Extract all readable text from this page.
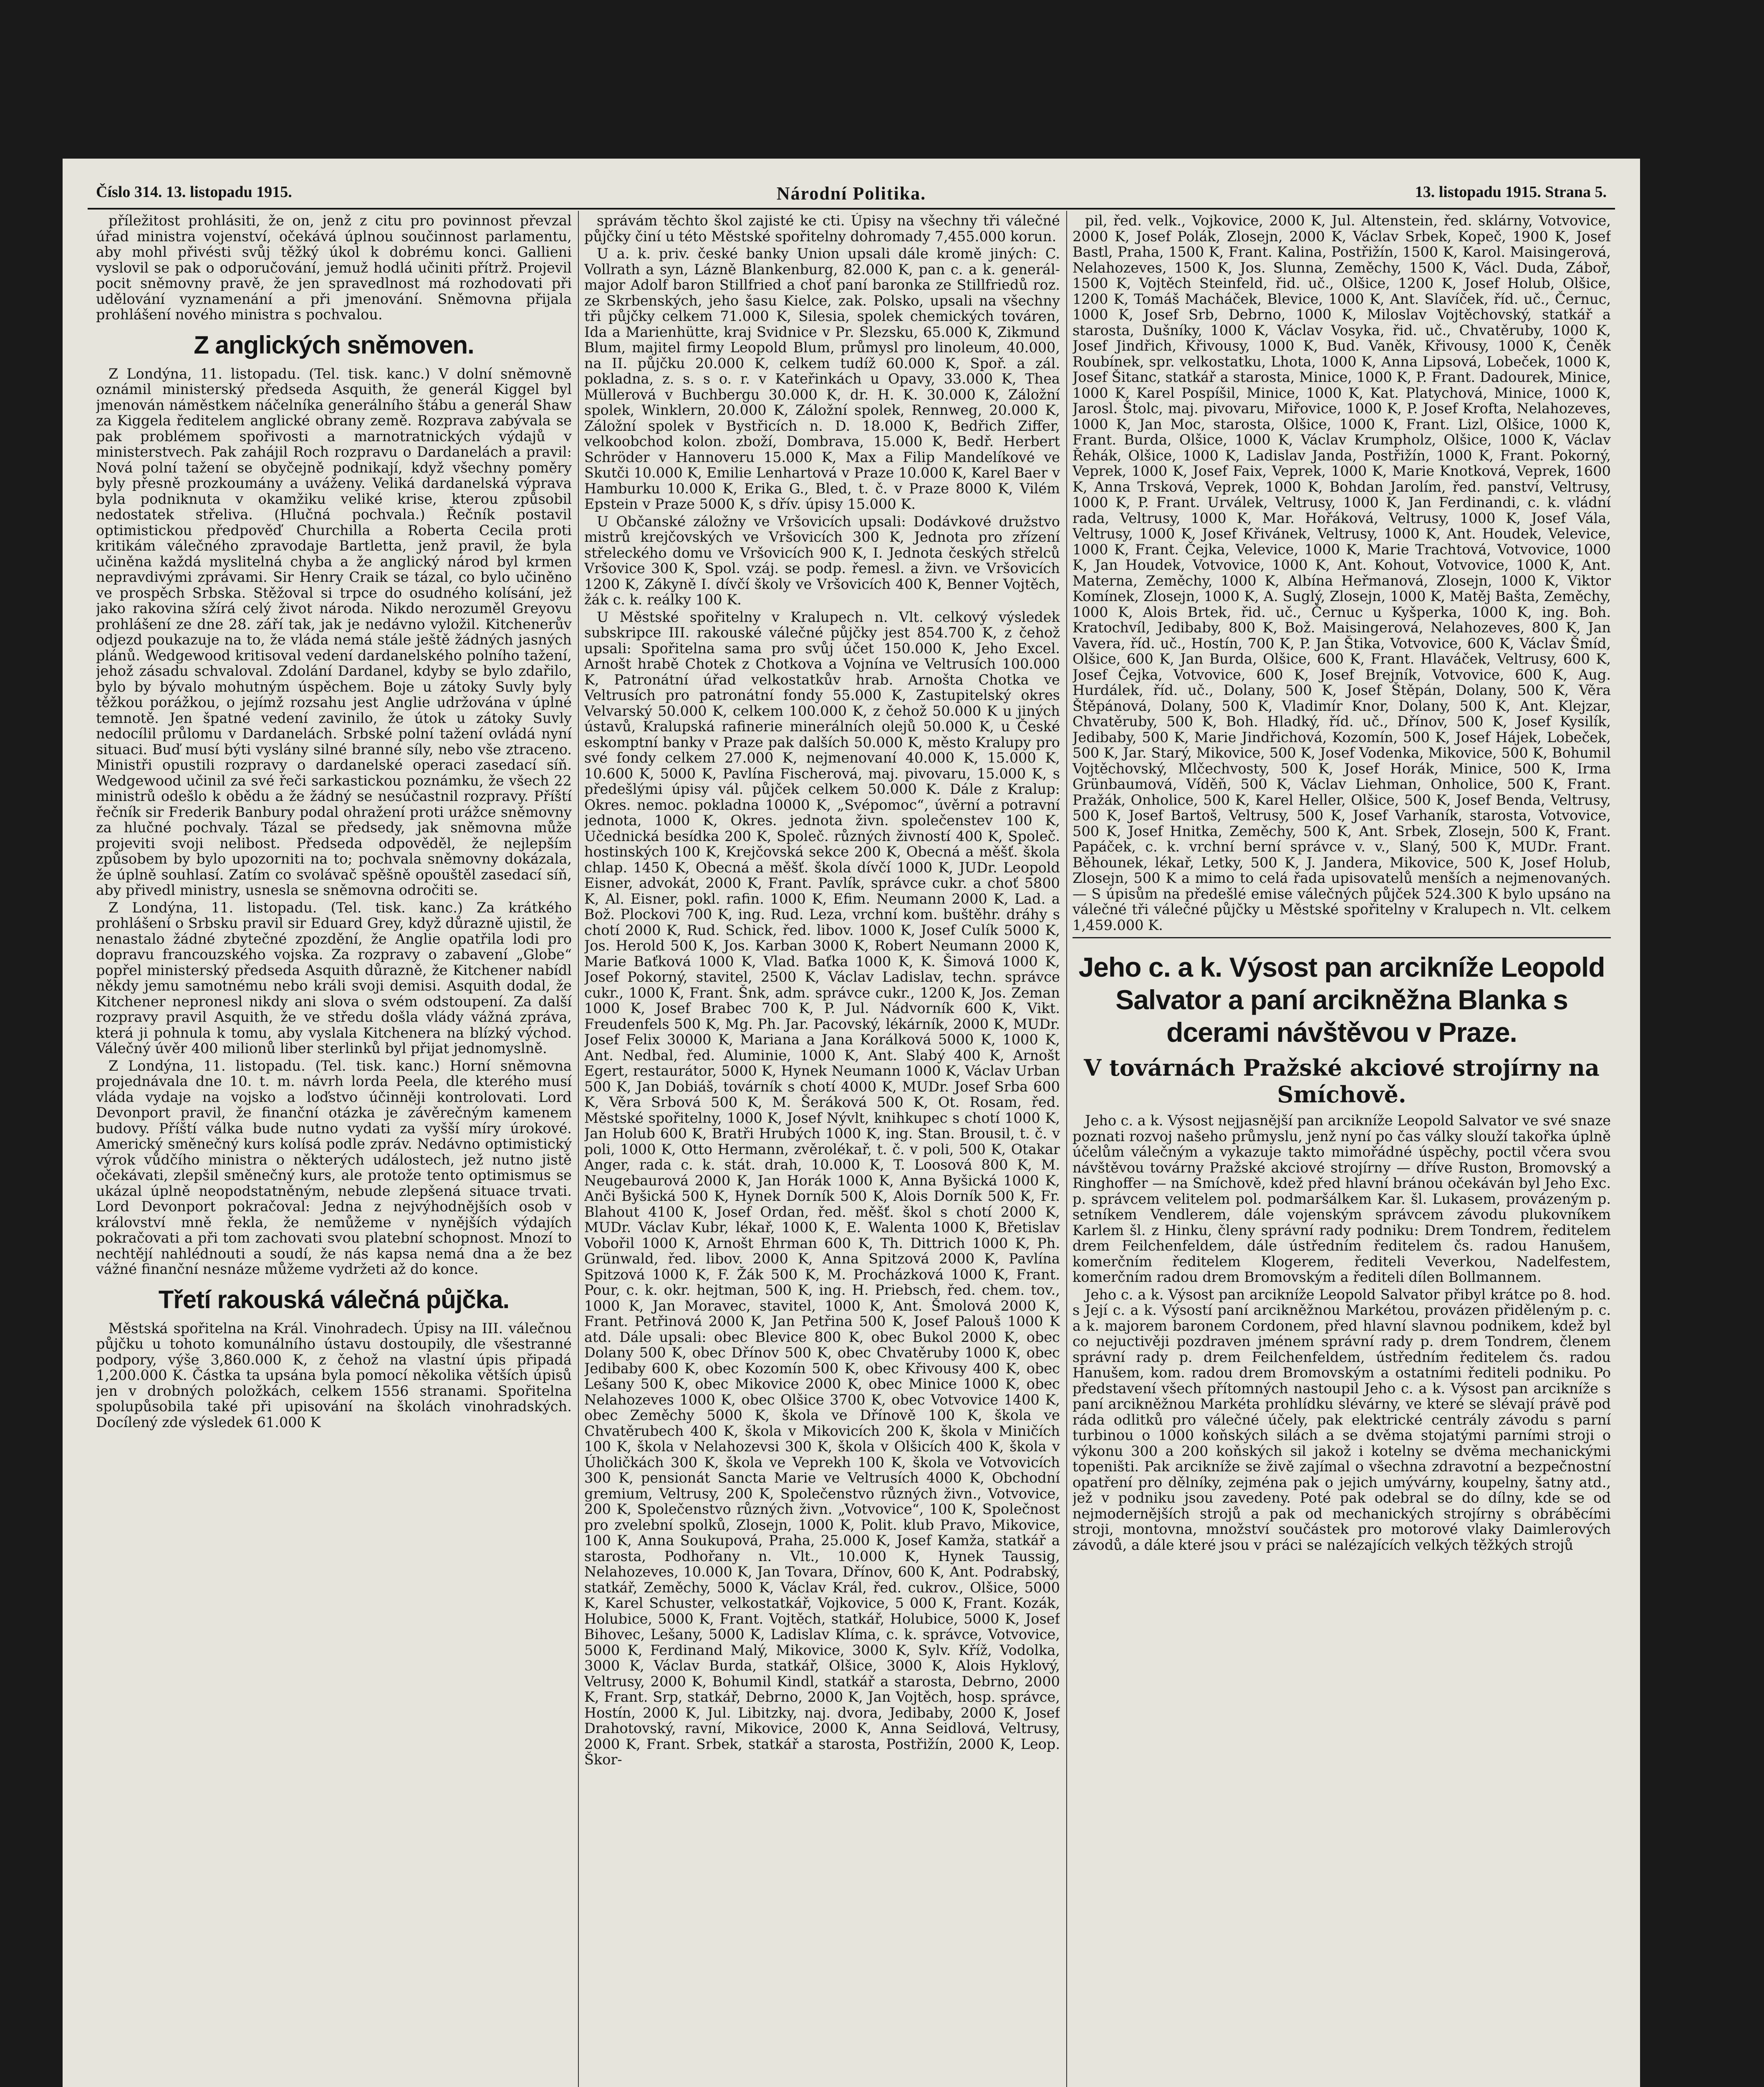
Číslo 314. 13. listopadu 1915.	Národní Politika.	13. listopadu 1915. Strana 5.

příležitost prohlásiti, že on, jenž z citu pro povinnost převzal úřad ministra vojenství, očekává úplnou součinnost parlamentu, aby mohl přivésti svůj těžký úkol k dobrému konci. Gallieni vyslovil se pak o odporučování, jemuž hodlá učiniti přítrž. Projevil pocit sněmovny pravě, že jen spravedlnost má rozhodovati při udělování vyznamenání a při jmenování. Sněmovna přijala prohlášení nového ministra s pochvalou.

Z anglických sněmoven.

Z Londýna, 11. listopadu. (Tel. tisk. kanc.) V dolní sněmovně oznámil ministerský předseda Asquith, že generál Kiggel byl jmenován náměstkem náčelníka generálního štábu a generál Shaw za Kiggela ředitelem anglické obrany země. Rozprava zabývala se pak problémem spořivosti a marnotratnických výdajů v ministerstvech. Pak zahájil Roch rozpravu o Dardanelách a pravil: Nová polní tažení se obyčejně podnikají, když všechny poměry byly přesně prozkoumány a uváženy. Veliká dardanelská výprava byla podniknuta v okamžiku veliké krise, kterou způsobil nedostatek střeliva. (Hlučná pochvala.) Řečník postavil optimistickou předpověď Churchilla a Roberta Cecila proti kritikám válečného zpravodaje Bartletta, jenž pravil, že byla učiněna každá myslitelná chyba a že anglický národ byl krmen nepravdivými zprávami. Sir Henry Craik se tázal, co bylo učiněno ve prospěch Srbska. Stěžoval si trpce do osudného kolísání, jež jako rakovina sžírá celý život národa. Nikdo nerozuměl Greyovu prohlášení ze dne 28. září tak, jak je nedávno vyložil. Kitchenerův odjezd poukazuje na to, že vláda nemá stále ještě žádných jasných plánů. Wedgewood kritisoval vedení dardanelského polního tažení, jehož zásadu schvaloval. Zdolání Dardanel, kdyby se bylo zdařilo, bylo by bývalo mohutným úspěchem. Boje u zátoky Suvly byly těžkou porážkou, o jejímž rozsahu jest Anglie udržována v úplné temnotě. Jen špatné vedení zavinilo, že útok u zátoky Suvly nedocílil průlomu v Dardanelách. Srbské polní tažení ovládá nyní situaci. Buď musí býti vyslány silné branné síly, nebo vše ztraceno. Ministři opustili rozpravy o dardanelské operaci zasedací síň. Wedgewood učinil za své řeči sarkastickou poznámku, že všech 22 ministrů odešlo k obědu a že žádný se nesúčastnil rozpravy. Příští řečník sir Frederik Banbury podal ohražení proti urážce sněmovny za hlučné pochvaly. Tázal se předsedy, jak sněmovna může projeviti svoji nelibost. Předseda odpověděl, že nejlepším způsobem by bylo upozorniti na to; pochvala sněmovny dokázala, že úplně souhlasí. Zatím co svolávač spěšně opouštěl zasedací síň, aby přivedl ministry, usnesla se sněmovna odročiti se.

Z Londýna, 11. listopadu. (Tel. tisk. kanc.) Za krátkého prohlášení o Srbsku pravil sir Eduard Grey, když důrazně ujistil, že nenastalo žádné zbytečné zpozdění, že Anglie opatřila lodi pro dopravu francouzského vojska. Za rozpravy o zabavení „Globe“ popřel ministerský předseda Asquith důrazně, že Kitchener nabídl někdy jemu samotnému nebo králi svoji demisi. Asquith dodal, že Kitchener nepronesl nikdy ani slova o svém odstoupení. Za další rozpravy pravil Asquith, že ve středu došla vlády vážná zpráva, která ji pohnula k tomu, aby vyslala Kitchenera na blízký východ. Válečný úvěr 400 milionů liber sterlinků byl přijat jednomyslně.

Z Londýna, 11. listopadu. (Tel. tisk. kanc.) Horní sněmovna projednávala dne 10. t. m. návrh lorda Peela, dle kterého musí vláda vydaje na vojsko a loďstvo účinněji kontrolovati. Lord Devonport pravil, že finanční otázka je závěrečným kamenem budovy. Příští válka bude nutno vydati za vyšší míry úrokové. Americký směnečný kurs kolísá podle zpráv. Nedávno optimistický výrok vůdčího ministra o některých událostech, jež nutno jistě očekávati, zlepšil směnečný kurs, ale protože tento optimismus se ukázal úplně neopodstatněným, nebude zlepšená situace trvati. Lord Devonport pokračoval: Jedna z nejvýhodnějších osob v království mně řekla, že nemůžeme v nynějších výdajích pokračovati a při tom zachovati svou platební schopnost. Mnozí to nechtějí nahlédnouti a soudí, že nás kapsa nemá dna a že bez vážné finanční nesnáze můžeme vydržeti až do konce.

Třetí rakouská válečná půjčka.

Městská spořitelna na Král. Vinohradech. Úpisy na III. válečnou půjčku u tohoto komunálního ústavu dostoupily, dle všestranné podpory, výše 3,860.000 K, z čehož na vlastní úpis připadá 1,200.000 K. Částka ta upsána byla pomocí několika větších úpisů jen v drobných položkách, celkem 1556 stranami. Spořitelna spolupůsobila také při upisování na školách vinohradských. Docílený zde výsledek 61.000 K

správám těchto škol zajisté ke cti. Úpisy na všechny tři válečné půjčky činí u této Městské spořitelny dohromady 7,455.000 korun.

U a. k. priv. české banky Union upsali dále kromě jiných: C. Vollrath a syn, Lázně Blankenburg, 82.000 K, pan c. a k. generál-major Adolf baron Stillfried a choť paní baronka ze Stillfriedů roz. ze Skrbenských, jeho šasu Kielce, zak. Polsko, upsali na všechny tři půjčky celkem 71.000 K, Silesia, spolek chemických továren, Ida a Marienhütte, kraj Svidnice v Pr. Slezsku, 65.000 K, Zikmund Blum, majitel firmy Leopold Blum, průmysl pro linoleum, 40.000, na II. půjčku 20.000 K, celkem tudíž 60.000 K, Spoř. a zál. pokladna, z. s. s o. r. v Kateřinkách u Opavy, 33.000 K, Thea Müllerová v Buchbergu 30.000 K, dr. H. K. 30.000 K, Záložní spolek, Winklern, 20.000 K, Záložní spolek, Rennweg, 20.000 K, Záložní spolek v Bystřicích n. D. 18.000 K, Bedřich Ziffer, velkoobchod kolon. zboží, Dombrava, 15.000 K, Bedř. Herbert Schröder v Hannoveru 15.000 K, Max a Filip Mandelíkové ve Skutči 10.000 K, Emilie Lenhartová v Praze 10.000 K, Karel Baer v Hamburku 10.000 K, Erika G., Bled, t. č. v Praze 8000 K, Vilém Epstein v Praze 5000 K, s dřív. úpisy 15.000 K.

U Občanské záložny ve Vršovicích upsali: Dodávkové družstvo mistrů krejčovských ve Vršovicích 300 K, Jednota pro zřízení střeleckého domu ve Vršovicích 900 K, I. Jednota českých střelců Vršovice 300 K, Spol. vzáj. se podp. řemesl. a živn. ve Vršovicích 1200 K, Zákyně I. dívčí školy ve Vršovicích 400 K, Benner Vojtěch, žák c. k. reálky 100 K.

U Městské spořitelny v Kralupech n. Vlt. celkový výsledek subskripce III. rakouské válečné půjčky jest 854.700 K, z čehož upsali: Spořitelna sama pro svůj účet 150.000 K, Jeho Excel. Arnošt hrabě Chotek z Chotkova a Vojnína ve Veltrusích 100.000 K, Patronátní úřad velkostatkův hrab. Arnošta Chotka ve Veltrusích pro patronátní fondy 55.000 K, Zastupitelský okres Velvarský 50.000 K, celkem 100.000 K, z čehož 50.000 K u jiných ústavů, Kralupská rafinerie minerálních olejů 50.000 K, u České eskomptní banky v Praze pak dalších 50.000 K, město Kralupy pro své fondy celkem 27.000 K, nejmenovaní 40.000 K, 15.000 K, 10.600 K, 5000 K, Pavlína Fischerová, maj. pivovaru, 15.000 K, s předešlými úpisy vál. půjček celkem 50.000 K. Dále z Kralup: Okres. nemoc. pokladna 10000 K, „Svépomoc“, úvěrní a potravní jednota, 1000 K, Okres. jednota živn. společenstev 100 K, Učednická besídka 200 K, Společ. různých živností 400 K, Společ. hostinských 100 K, Krejčovská sekce 200 K, Obecná a měšť. škola chlap. 1450 K, Obecná a měšť. škola dívčí 1000 K, JUDr. Leopold Eisner, advokát, 2000 K, Frant. Pavlík, správce cukr. a choť 5800 K, Al. Eisner, pokl. rafin. 1000 K, Efim. Neumann 2000 K, Lad. a Bož. Plockovi 700 K, ing. Rud. Leza, vrchní kom. buštěhr. dráhy s chotí 2000 K, Rud. Schick, řed. libov. 1000 K, Josef Culík 5000 K, Jos. Herold 500 K, Jos. Karban 3000 K, Robert Neumann 2000 K, Marie Baťková 1000 K, Vlad. Baťka 1000 K, K. Šimová 1000 K, Josef Pokorný, stavitel, 2500 K, Václav Ladislav, techn. správce cukr., 1000 K, Frant. Šnk, adm. správce cukr., 1200 K, Jos. Zeman 1000 K, Josef Brabec 700 K, P. Jul. Nádvorník 600 K, Vikt. Freudenfels 500 K, Mg. Ph. Jar. Pacovský, lékárník, 2000 K, MUDr. Josef Felix 30000 K, Mariana a Jana Korálková 5000 K, 1000 K, Ant. Nedbal, řed. Aluminie, 1000 K, Ant. Slabý 400 K, Arnošt Egert, restaurátor, 5000 K, Hynek Neumann 1000 K, Václav Urban 500 K, Jan Dobiáš, továrník s chotí 4000 K, MUDr. Josef Srba 600 K, Věra Srbová 500 K, M. Šeráková 500 K, Ot. Rosam, řed. Městské spořitelny, 1000 K, Josef Nývlt, knihkupec s chotí 1000 K, Jan Holub 600 K, Bratři Hrubých 1000 K, ing. Stan. Brousil, t. č. v poli, 1000 K, Otto Hermann, zvěrolékař, t. č. v poli, 500 K, Otakar Anger, rada c. k. stát. drah, 10.000 K, T. Loosová 800 K, M. Neugebaurová 2000 K, Jan Horák 1000 K, Anna Byšická 1000 K, Anči Byšická 500 K, Hynek Dorník 500 K, Alois Dorník 500 K, Fr. Blahout 4100 K, Josef Ordan, řed. měšť. škol s chotí 2000 K, MUDr. Václav Kubr, lékař, 1000 K, E. Walenta 1000 K, Břetislav Vobořil 1000 K, Arnošt Ehrman 600 K, Th. Dittrich 1000 K, Ph. Grünwald, řed. libov. 2000 K, Anna Spitzová 2000 K, Pavlína Spitzová 1000 K, F. Žák 500 K, M. Procházková 1000 K, Frant. Pour, c. k. okr. hejtman, 500 K, ing. H. Priebsch, řed. chem. tov., 1000 K, Jan Moravec, stavitel, 1000 K, Ant. Šmolová 2000 K, Frant. Petřinová 2000 K, Jan Petřina 500 K, Josef Palouš 1000 K atd. Dále upsali: obec Blevice 800 K, obec Bukol 2000 K, obec Dolany 500 K, obec Dřínov 500 K, obec Chvatěruby 1000 K, obec Jedibaby 600 K, obec Kozomín 500 K, obec Křivousy 400 K, obec Lešany 500 K, obec Mikovice 2000 K, obec Minice 1000 K, obec Nelahozeves 1000 K, obec Olšice 3700 K, obec Votvovice 1400 K, obec Zeměchy 5000 K, škola ve Dřínově 100 K, škola ve Chvatěrubech 400 K, škola v Mikovicích 200 K, škola v Miničích 100 K, škola v Nelahozevsi 300 K, škola v Olšicích 400 K, škola v Úholičkách 300 K, škola ve Veprekh 100 K, škola ve Votvovicích 300 K, pensionát Sancta Marie ve Veltrusích 4000 K, Obchodní gremium, Veltrusy, 200 K, Společenstvo různých živn., Votvovice, 200 K, Společenstvo různých živn. „Votvovice“, 100 K, Společnost pro zvelební spolků, Zlosejn, 1000 K, Polit. klub Pravo, Mikovice, 100 K, Anna Soukupová, Praha, 25.000 K, Josef Kamža, statkář a starosta, Podhořany n. Vlt., 10.000 K, Hynek Taussig, Nelahozeves, 10.000 K, Jan Tovara, Dřínov, 600 K, Ant. Podrabský, statkář, Zeměchy, 5000 K, Václav Král, řed. cukrov., Olšice, 5000 K, Karel Schuster, velkostatkář, Vojkovice, 5 000 K, Frant. Kozák, Holubice, 5000 K, Frant. Vojtěch, statkář, Holubice, 5000 K, Josef Bihovec, Lešany, 5000 K, Ladislav Klíma, c. k. správce, Votvovice, 5000 K, Ferdinand Malý, Mikovice, 3000 K, Sylv. Kříž, Vodolka, 3000 K, Václav Burda, statkář, Olšice, 3000 K, Alois Hyklový, Veltrusy, 2000 K, Bohumil Kindl, statkář a starosta, Debrno, 2000 K, Frant. Srp, statkář, Debrno, 2000 K, Jan Vojtěch, hosp. správce, Hostín, 2000 K, Jul. Libitzky, naj. dvora, Jedibaby, 2000 K, Josef Drahotovský, ravní, Mikovice, 2000 K, Anna Seidlová, Veltrusy, 2000 K, Frant. Srbek, statkář a starosta, Postřižín, 2000 K, Leop. Škor-

pil, řed. velk., Vojkovice, 2000 K, Jul. Altenstein, řed. sklárny, Votvovice, 2000 K, Josef Polák, Zlosejn, 2000 K, Václav Srbek, Kopeč, 1900 K, Josef Bastl, Praha, 1500 K, Frant. Kalina, Postřižín, 1500 K, Karol. Maisingerová, Nelahozeves, 1500 K, Jos. Slunna, Zeměchy, 1500 K, Václ. Duda, Záboř, 1500 K, Vojtěch Steinfeld, řid. uč., Olšice, 1200 K, Josef Holub, Olšice, 1200 K, Tomáš Macháček, Blevice, 1000 K, Ant. Slavíček, říd. uč., Černuc, 1000 K, Josef Srb, Debrno, 1000 K, Miloslav Vojtěchovský, statkář a starosta, Dušníky, 1000 K, Václav Vosyka, řid. uč., Chvatěruby, 1000 K, Josef Jindřich, Křivousy, 1000 K, Bud. Vaněk, Křivousy, 1000 K, Čeněk Roubínek, spr. velkostatku, Lhota, 1000 K, Anna Lipsová, Lobeček, 1000 K, Josef Šitanc, statkář a starosta, Minice, 1000 K, P. Frant. Dadourek, Minice, 1000 K, Karel Pospíšil, Minice, 1000 K, Kat. Platychová, Minice, 1000 K, Jarosl. Štolc, maj. pivovaru, Miřovice, 1000 K, P. Josef Krofta, Nelahozeves, 1000 K, Jan Moc, starosta, Olšice, 1000 K, Frant. Lizl, Olšice, 1000 K, Frant. Burda, Olšice, 1000 K, Václav Krumpholz, Olšice, 1000 K, Václav Řehák, Olšice, 1000 K, Ladislav Janda, Postřižín, 1000 K, Frant. Pokorný, Veprek, 1000 K, Josef Faix, Veprek, 1000 K, Marie Knotková, Veprek, 1600 K, Anna Trsková, Veprek, 1000 K, Bohdan Jarolím, řed. panství, Veltrusy, 1000 K, P. Frant. Urválek, Veltrusy, 1000 K, Jan Ferdinandi, c. k. vládní rada, Veltrusy, 1000 K, Mar. Hořáková, Veltrusy, 1000 K, Josef Vála, Veltrusy, 1000 K, Josef Křivánek, Veltrusy, 1000 K, Ant. Houdek, Velevice, 1000 K, Frant. Čejka, Velevice, 1000 K, Marie Trachtová, Votvovice, 1000 K, Jan Houdek, Votvovice, 1000 K, Ant. Kohout, Votvovice, 1000 K, Ant. Materna, Zeměchy, 1000 K, Albína Heřmanová, Zlosejn, 1000 K, Viktor Komínek, Zlosejn, 1000 K, A. Suglý, Zlosejn, 1000 K, Matěj Bašta, Zeměchy, 1000 K, Alois Brtek, řid. uč., Černuc u Kyšperka, 1000 K, ing. Boh. Kratochvíl, Jedibaby, 800 K, Bož. Maisingerová, Nelahozeves, 800 K, Jan Vavera, říd. uč., Hostín, 700 K, P. Jan Štika, Votvovice, 600 K, Václav Šmíd, Olšice, 600 K, Jan Burda, Olšice, 600 K, Frant. Hlaváček, Veltrusy, 600 K, Josef Čejka, Votvovice, 600 K, Josef Brejník, Votvovice, 600 K, Aug. Hurdálek, říd. uč., Dolany, 500 K, Josef Štěpán, Dolany, 500 K, Věra Štěpánová, Dolany, 500 K, Vladimír Knor, Dolany, 500 K, Ant. Klejzar, Chvatěruby, 500 K, Boh. Hladký, říd. uč., Dřínov, 500 K, Josef Kysilík, Jedibaby, 500 K, Marie Jindřichová, Kozomín, 500 K, Josef Hájek, Lobeček, 500 K, Jar. Starý, Mikovice, 500 K, Josef Vodenka, Mikovice, 500 K, Bohumil Vojtěchovský, Mlčechvosty, 500 K, Josef Horák, Minice, 500 K, Irma Grünbaumová, Víděň, 500 K, Václav Liehman, Onholice, 500 K, Frant. Pražák, Onholice, 500 K, Karel Heller, Olšice, 500 K, Josef Benda, Veltrusy, 500 K, Josef Bartoš, Veltrusy, 500 K, Josef Varhaník, starosta, Votvovice, 500 K, Josef Hnitka, Zeměchy, 500 K, Ant. Srbek, Zlosejn, 500 K, Frant. Papáček, c. k. vrchní berní správce v. v., Slaný, 500 K, MUDr. Frant. Běhounek, lékař, Letky, 500 K, J. Jandera, Mikovice, 500 K, Josef Holub, Zlosejn, 500 K a mimo to celá řada upisovatelů menších a nejmenovaných. — S úpisům na předešlé emise válečných půjček 524.300 K bylo upsáno na válečné tři válečné půjčky u Městské spořitelny v Kralupech n. Vlt. celkem 1,459.000 K.

Jeho c. a k. Výsost pan arcikníže Leopold Salvator a paní arcikněžna Blanka s dcerami návštěvou v Praze.
V továrnách Pražské akciové strojírny na Smíchově.

Jeho c. a k. Výsost nejjasnější pan arcikníže Leopold Salvator ve své snaze poznati rozvoj našeho průmyslu, jenž nyní po čas války slouží takořka úplně účelům válečným a vykazuje takto mimořádné úspěchy, poctil včera svou návštěvou továrny Pražské akciové strojírny — dříve Ruston, Bromovský a Ringhoffer — na Smíchově, kdež před hlavní bránou očekáván byl Jeho Exc. p. správcem velitelem pol. podmaršálkem Kar. šl. Lukasem, provázeným p. setníkem Vendlerem, dále vojenským správcem závodu plukovníkem Karlem šl. z Hinku, členy správní rady podniku: Drem Tondrem, ředitelem drem Feilchenfeldem, dále ústředním ředitelem čs. radou Hanušem, komerčním ředitelem Klogerem, řediteli Veverkou, Nadelfestem, komerčním radou drem Bromovským a řediteli dílen Bollmannem.

Jeho c. a k. Výsost pan arcikníže Leopold Salvator přibyl krátce po 8. hod. s Její c. a k. Výsostí paní arcikněžnou Markétou, provázen přiděleným p. c. a k. majorem baronem Cordonem, před hlavní slavnou podnikem, kdež byl co nejuctivěji pozdraven jménem správní rady p. drem Tondrem, členem správní rady p. drem Feilchenfeldem, ústředním ředitelem čs. radou Hanušem, kom. radou drem Bromovským a ostatními řediteli podniku. Po představení všech přítomných nastoupil Jeho c. a k. Výsost pan arcikníže s paní arcikněžnou Markéta prohlídku slévárny, ve které se slévají právě pod ráda odlitků pro válečné účely, pak elektrické centrály závodu s parní turbinou o 1000 koňských silách a se dvěma stojatými parními stroji o výkonu 300 a 200 koňských sil jakož i kotelny se dvěma mechanickými topeništi. Pak arcikníže se živě zajímal o všechna zdravotní a bezpečnostní opatření pro dělníky, zejména pak o jejich umývárny, koupelny, šatny atd., jež v podniku jsou zavedeny. Poté pak odebral se do dílny, kde se od nejmodernějších strojů a pak od mechanických strojírny s obráběcími stroji, montovna, množství součástek pro motorové vlaky Daimlerových závodů, a dále které jsou v práci se nalézajících velkých těžkých strojů
